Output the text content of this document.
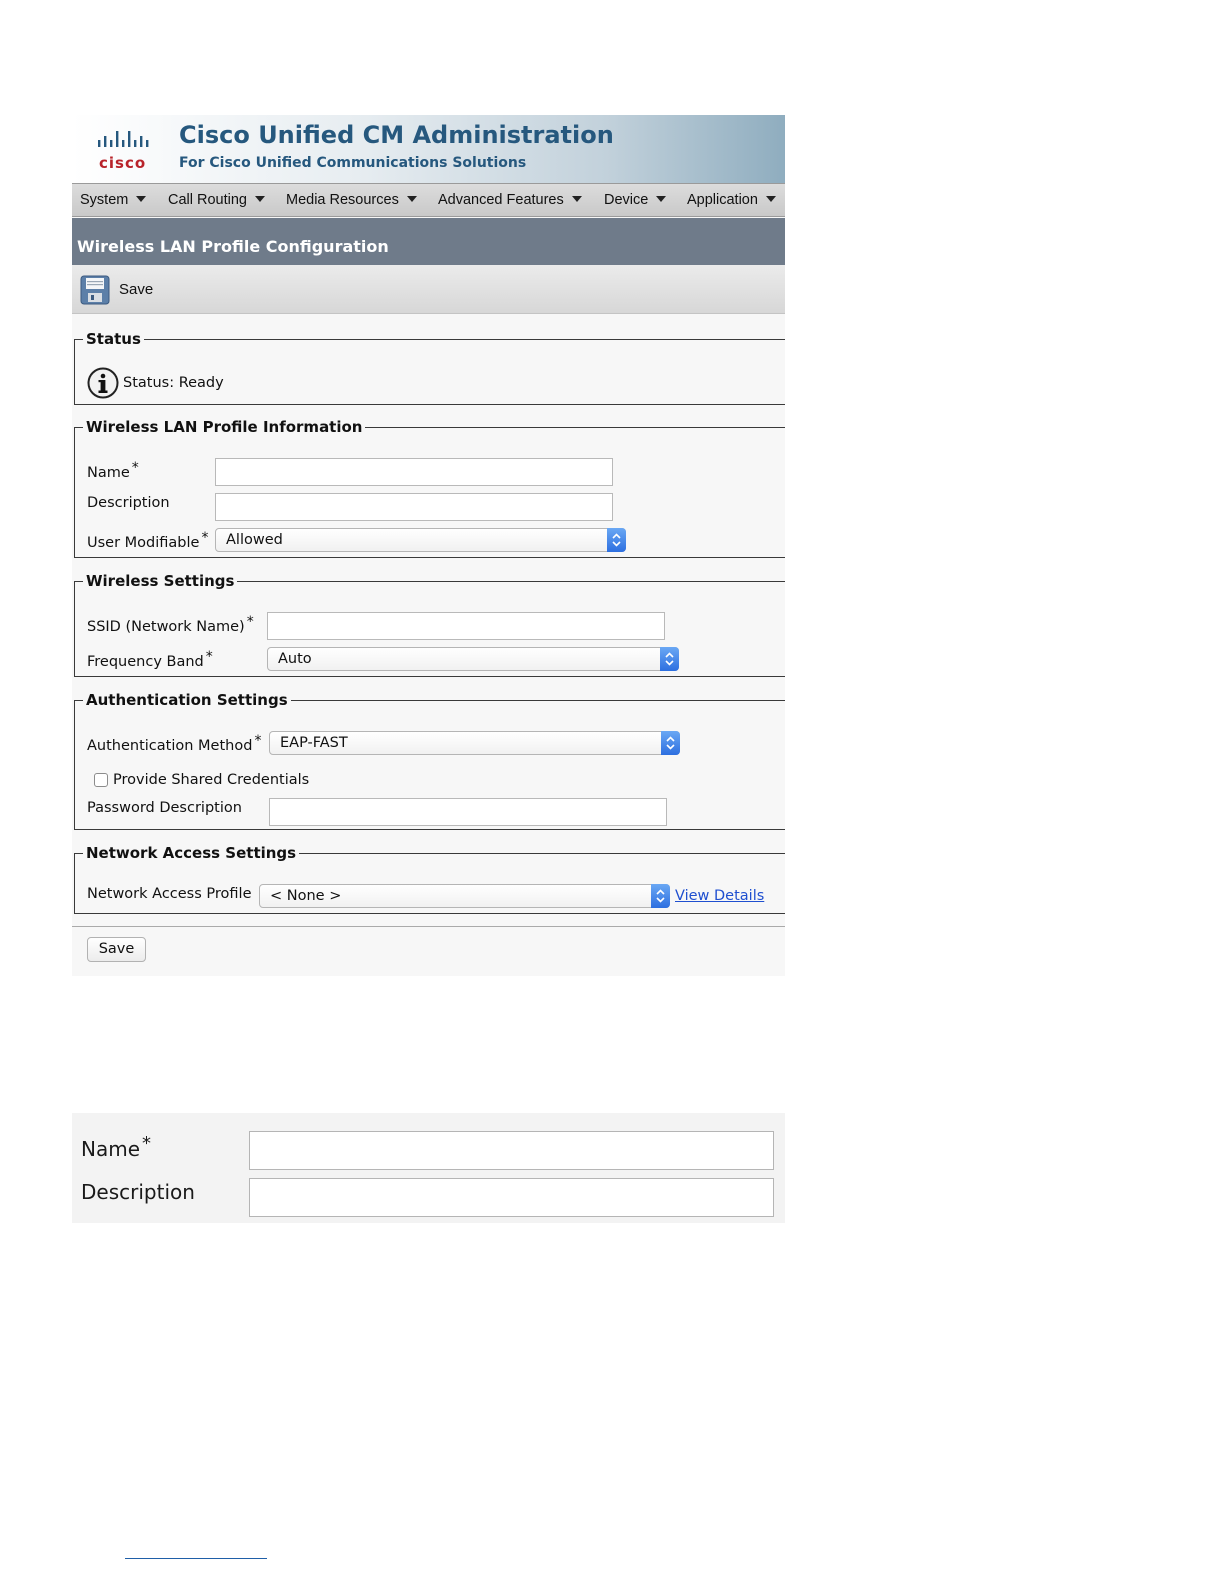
cisco
Cisco Unified CM Administration
For Cisco Unified Communications Solutions
System	Call Routing	Media Resources	Advanced Features	Device	Application
Wireless LAN Profile Configuration
Save
Status
Status: Ready
Wireless LAN Profile Information
Name *
Description
User Modifiable * Allowed
Wireless Settings
SSID (Network Name) *
Frequency Band *	Auto
Authentication Settings
Authentication Method * EAP-FAST
Provide Shared Credentials
Password Description
Network Access Settings
Network Access Profile < None >	View Details
Save
Name *
Description
